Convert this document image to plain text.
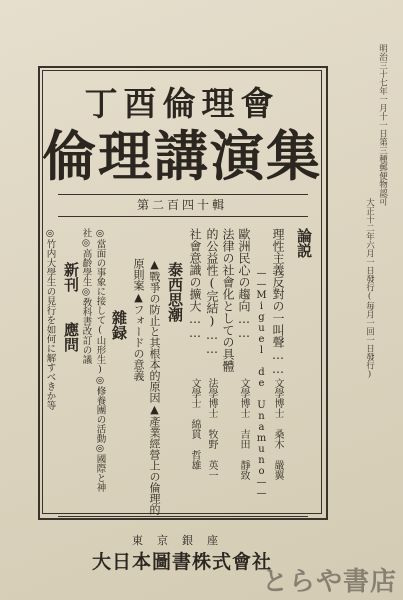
丁酉倫理會
倫理講演集
第二百四十輯
論説
理性主義反對の一叫聲……
文學博士 桑木 嚴翼
——Miguel de Unamuno——
歐洲民心の趨向……
文學博士 吉田 靜致
法律の社會化としての具體
的公益性(完結)……
法學博士 牧野 英一
社會意識の擴大……
文學士 綿貫 哲雄
泰西思潮
▲戰爭の防止と其根本的原因▲產業經營上の倫理的
原則案▲フォードの意義
雜録
◎當面の事象に接して(山形生)◎修養團の活動◎國際と神
社◎高齡學生◎敎科書改訂の議
新刊
應問
◎竹内大學生の見行を如何に解すべきか等
東京銀座
大日本圖書株式會社
明治三十七年一月十一日第三種郵便物認可
大正十二年六月一日發行(毎月一回一日發行)
とらや書店
